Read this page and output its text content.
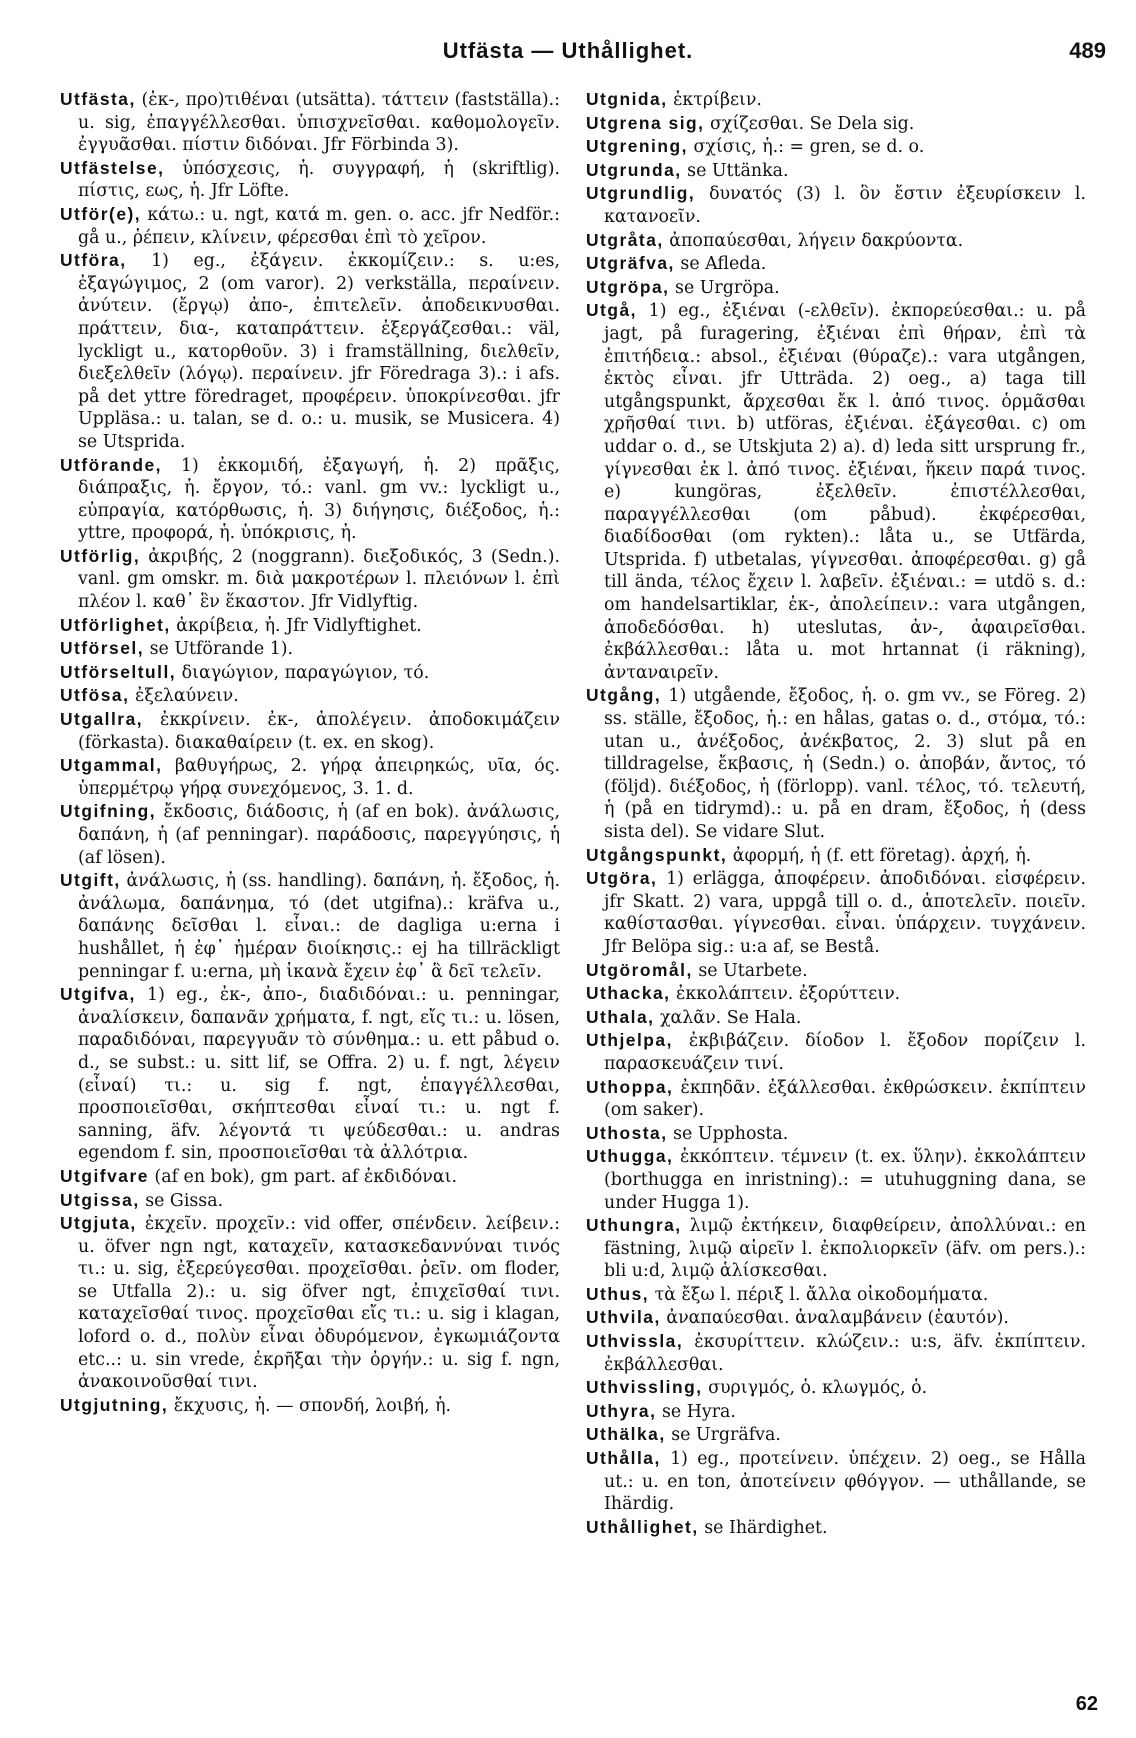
Utfästa — Uthållighet.	489

Utfästa, (ἐκ-, προ)τιθέναι (utsätta). τάττειν (fastställa).: u. sig, ἐπαγγέλλεσθαι. ὑπισχνεῖσθαι. καθομολογεῖν. ἐγγυᾶσθαι. πίστιν διδόναι. Jfr Förbinda 3).

Utfästelse, ὑπόσχεσις, ἡ. συγγραφή, ἡ (skriftlig). πίστις, εως, ἡ. Jfr Löfte.

Utför(e), κάτω.: u. ngt, κατά m. gen. o. acc. jfr Nedför.: gå u., ῥέπειν, κλίνειν, φέρεσθαι ἐπὶ τὸ χεῖρον.

Utföra, 1) eg., ἐξάγειν. ἐκκομίζειν.: s. u:es, ἐξαγώγιμος, 2 (om varor). 2) verkställa, περαίνειν. ἀνύτειν. (ἔργῳ) ἀπο-, ἐπιτελεῖν. ἀποδεικνυσθαι. πράττειν, δια-, καταπράττειν. ἐξεργάζεσθαι.: väl, lyckligt u., κατορθοῦν. 3) i framställning, διελθεῖν, διεξελθεῖν (λόγῳ). περαίνειν. jfr Föredraga 3).: i afs. på det yttre föredraget, προφέρειν. ὑποκρίνεσθαι. jfr Uppläsa.: u. talan, se d. o.: u. musik, se Musicera. 4) se Utsprida.

Utförande, 1) ἐκκομιδή, ἐξαγωγή, ἡ. 2) πρᾶξις, διάπραξις, ἡ. ἔργον, τό.: vanl. gm vv.: lyckligt u., εὐπραγία, κατόρθωσις, ἡ. 3) διήγησις, διέξοδος, ἡ.: yttre, προφορά, ἡ. ὑπόκρισις, ἡ.

Utförlig, ἀκριβής, 2 (noggrann). διεξοδικός, 3 (Sedn.). vanl. gm omskr. m. διὰ μακροτέρων l. πλειόνων l. ἐπὶ πλέον l. καθ᾽ ἓν ἕκαστον. Jfr Vidlyftig.

Utförlighet, ἀκρίβεια, ἡ. Jfr Vidlyftighet.

Utförsel, se Utförande 1).

Utförseltull, διαγώγιον, παραγώγιον, τό.

Utfösa, ἐξελαύνειν.

Utgallra, ἐκκρίνειν. ἐκ-, ἀπολέγειν. ἀποδοκιμάζειν (förkasta). διακαθαίρειν (t. ex. en skog).

Utgammal, βαθυγήρως, 2. γήρᾳ ἀπειρηκώς, υῖα, ός. ὑπερμέτρῳ γήρᾳ συνεχόμενος, 3. 1. d.

Utgifning, ἔκδοσις, διάδοσις, ἡ (af en bok). ἀνάλωσις, δαπάνη, ἡ (af penningar). παράδοσις, παρεγγύησις, ἡ (af lösen).

Utgift, ἀνάλωσις, ἡ (ss. handling). δαπάνη, ἡ. ἔξοδος, ἡ. ἀνάλωμα, δαπάνημα, τό (det utgifna).: kräfva u., δαπάνης δεῖσθαι l. εἶναι.: de dagliga u:erna i hushållet, ἡ ἐφ᾽ ἡμέραν διοίκησις.: ej ha tillräckligt penningar f. u:erna, μὴ ἱκανὰ ἔχειν ἐφ᾽ ἃ δεῖ τελεῖν.

Utgifva, 1) eg., ἐκ-, ἀπο-, διαδιδόναι.: u. penningar, ἀναλίσκειν, δαπανᾶν χρήματα, f. ngt, εἴς τι.: u. lösen, παραδιδόναι, παρεγγυᾶν τὸ σύνθημα.: u. ett påbud o. d., se subst.: u. sitt lif, se Offra. 2) u. f. ngt, λέγειν (εἶναί) τι.: u. sig f. ngt, ἐπαγγέλλεσθαι, προσποιεῖσθαι, σκήπτεσθαι εἶναί τι.: u. ngt f. sanning, äfv. λέγοντά τι ψεύδεσθαι.: u. andras egendom f. sin, προσποιεῖσθαι τὰ ἀλλότρια.

Utgifvare (af en bok), gm part. af ἐκδιδόναι.

Utgissa, se Gissa.

Utgjuta, ἐκχεῖν. προχεῖν.: vid offer, σπένδειν. λείβειν.: u. öfver ngn ngt, καταχεῖν, κατασκεδαννύναι τινός τι.: u. sig, ἐξερεύγεσθαι. προχεῖσθαι. ῥεῖν. om floder, se Utfalla 2).: u. sig öfver ngt, ἐπιχεῖσθαί τινι. καταχεῖσθαί τινος. προχεῖσθαι εἴς τι.: u. sig i klagan, loford o. d., πολὺν εἶναι ὀδυρόμενον, ἐγκωμιάζοντα etc..: u. sin vrede, ἐκρῆξαι τὴν ὀργήν.: u. sig f. ngn, ἀνακοινοῦσθαί τινι.

Utgjutning, ἔκχυσις, ἡ. — σπονδή, λοιβή, ἡ.

Utgnida, ἐκτρίβειν.

Utgrena sig, σχίζεσθαι. Se Dela sig.

Utgrening, σχίσις, ἡ.: = gren, se d. o.

Utgrunda, se Uttänka.

Utgrundlig, δυνατός (3) l. ὃν ἔστιν ἐξευρίσκειν l. κατανοεῖν.

Utgråta, ἀποπαύεσθαι, λήγειν δακρύοντα.

Utgräfva, se Afleda.

Utgröpa, se Urgröpa.

Utgå, 1) eg., ἐξιέναι (-ελθεῖν). ἐκπορεύεσθαι.: u. på jagt, på furagering, ἐξιέναι ἐπὶ θήραν, ἐπὶ τὰ ἐπιτήδεια.: absol., ἐξιέναι (θύραζε).: vara utgången, ἐκτὸς εἶναι. jfr Utträda. 2) oeg., a) taga till utgångspunkt, ἄρχεσθαι ἔκ l. ἀπό τινος. ὁρμᾶσθαι χρῆσθαί τινι. b) utföras, ἐξιέναι. ἐξάγεσθαι. c) om uddar o. d., se Utskjuta 2) a). d) leda sitt ursprung fr., γίγνεσθαι ἐκ l. ἀπό τινος. ἐξιέναι, ἥκειν παρά τινος. e) kungöras, ἐξελθεῖν. ἐπιστέλλεσθαι, παραγγέλλεσθαι (om påbud). ἐκφέρεσθαι, διαδίδοσθαι (om rykten).: låta u., se Utfärda, Utsprida. f) utbetalas, γίγνεσθαι. ἀποφέρεσθαι. g) gå till ända, τέλος ἔχειν l. λαβεῖν. ἐξιέναι.: = utdö s. d.: om handelsartiklar, ἐκ-, ἀπολείπειν.: vara utgången, ἀποδεδόσθαι. h) uteslutas, ἀν-, ἀφαιρεῖσθαι. ἐκβάλλεσθαι.: låta u. mot hrtannat (i räkning), ἀνταναιρεῖν.

Utgång, 1) utgående, ἔξοδος, ἡ. o. gm vv., se Föreg. 2) ss. ställe, ἔξοδος, ἡ.: en hålas, gatas o. d., στόμα, τό.: utan u., ἀνέξοδος, ἀνέκβατος, 2. 3) slut på en tilldragelse, ἔκβασις, ἡ (Sedn.) o. ἀποβάν, ἄντος, τό (följd). διέξοδος, ἡ (förlopp). vanl. τέλος, τό. τελευτή, ἡ (på en tidrymd).: u. på en dram, ἔξοδος, ἡ (dess sista del). Se vidare Slut.

Utgångspunkt, ἀφορμή, ἡ (f. ett företag). ἀρχή, ἡ.

Utgöra, 1) erlägga, ἀποφέρειν. ἀποδιδόναι. εἰσφέρειν. jfr Skatt. 2) vara, uppgå till o. d., ἀποτελεῖν. ποιεῖν. καθίστασθαι. γίγνεσθαι. εἶναι. ὑπάρχειν. τυγχάνειν. Jfr Belöpa sig.: u:a af, se Bestå.

Utgöromål, se Utarbete.

Uthacka, ἐκκολάπτειν. ἐξορύττειν.

Uthala, χαλᾶν. Se Hala.

Uthjelpa, ἐκβιβάζειν. δίοδον l. ἔξοδον πορίζειν l. παρασκευάζειν τινί.

Uthoppa, ἐκπηδᾶν. ἐξάλλεσθαι. ἐκθρώσκειν. ἐκπίπτειν (om saker).

Uthosta, se Upphosta.

Uthugga, ἐκκόπτειν. τέμνειν (t. ex. ὕλην). ἐκκολάπτειν (borthugga en inristning).: = utuhuggning dana, se under Hugga 1).

Uthungra, λιμῷ ἐκτήκειν, διαφθείρειν, ἀπολλύναι.: en fästning, λιμῷ αἱρεῖν l. ἐκπολιορκεῖν (äfv. om pers.).: bli u:d, λιμῷ ἁλίσκεσθαι.

Uthus, τὰ ἔξω l. πέριξ l. ἄλλα οἰκοδομήματα.

Uthvila, ἀναπαύεσθαι. ἀναλαμβάνειν (ἑαυτόν).

Uthvissla, ἐκσυρίττειν. κλώζειν.: u:s, äfv. ἐκπίπτειν. ἐκβάλλεσθαι.

Uthvissling, συριγμός, ὁ. κλωγμός, ὁ.

Uthyra, se Hyra.

Uthälka, se Urgräfva.

Uthålla, 1) eg., προτείνειν. ὑπέχειν. 2) oeg., se Hålla ut.: u. en ton, ἀποτείνειν φθόγγον. — uthållande, se Ihärdig.

Uthållighet, se Ihärdighet.

62
